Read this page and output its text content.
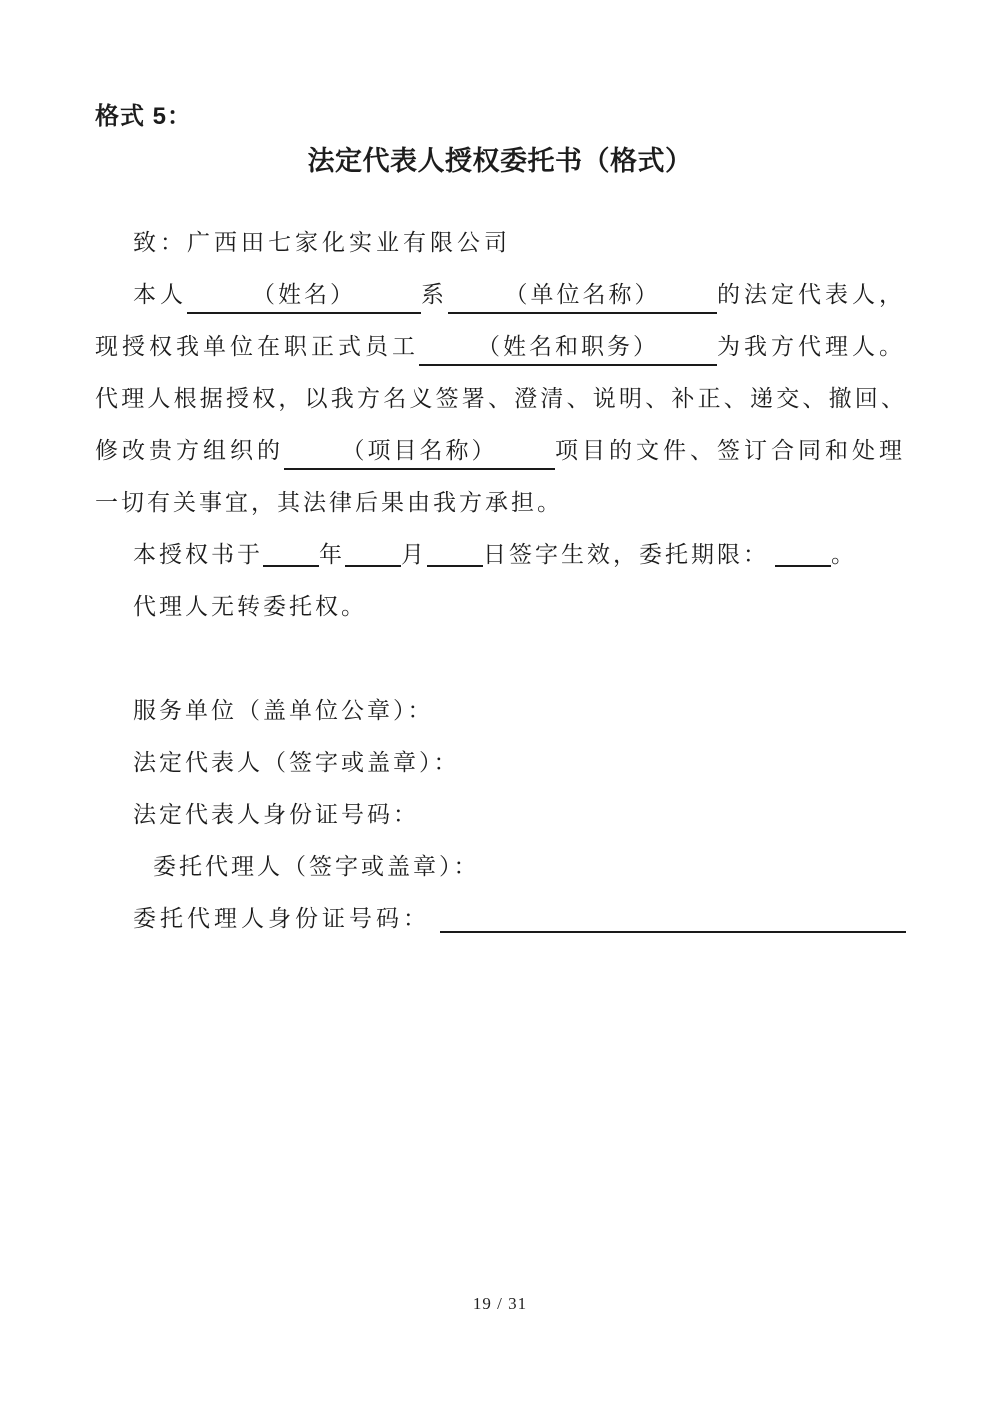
格式 5：
法定代表人授权委托书（格式）
致：广西田七家化实业有限公司
本人	（姓名）	系 （单位名称） 的法定代表人，
现授权我单位在职正式员工	（姓名和职务）	为我方代理人。
代理人根据授权，以我方名义签署、澄清、说明、补正、递交、撤回、
修改贵方组织的	（项目名称）	项目的文件、签订合同和处理
一切有关事宜，其法律后果由我方承担。
本授权书于 年 月 日签字生效，委托期限：	。
代理人无转委托权。
服务单位（盖单位公章）：
法定代表人（签字或盖章）：
法定代表人身份证号码：
委托代理人（签字或盖章）：
委托代理人身份证号码：
19 / 31
